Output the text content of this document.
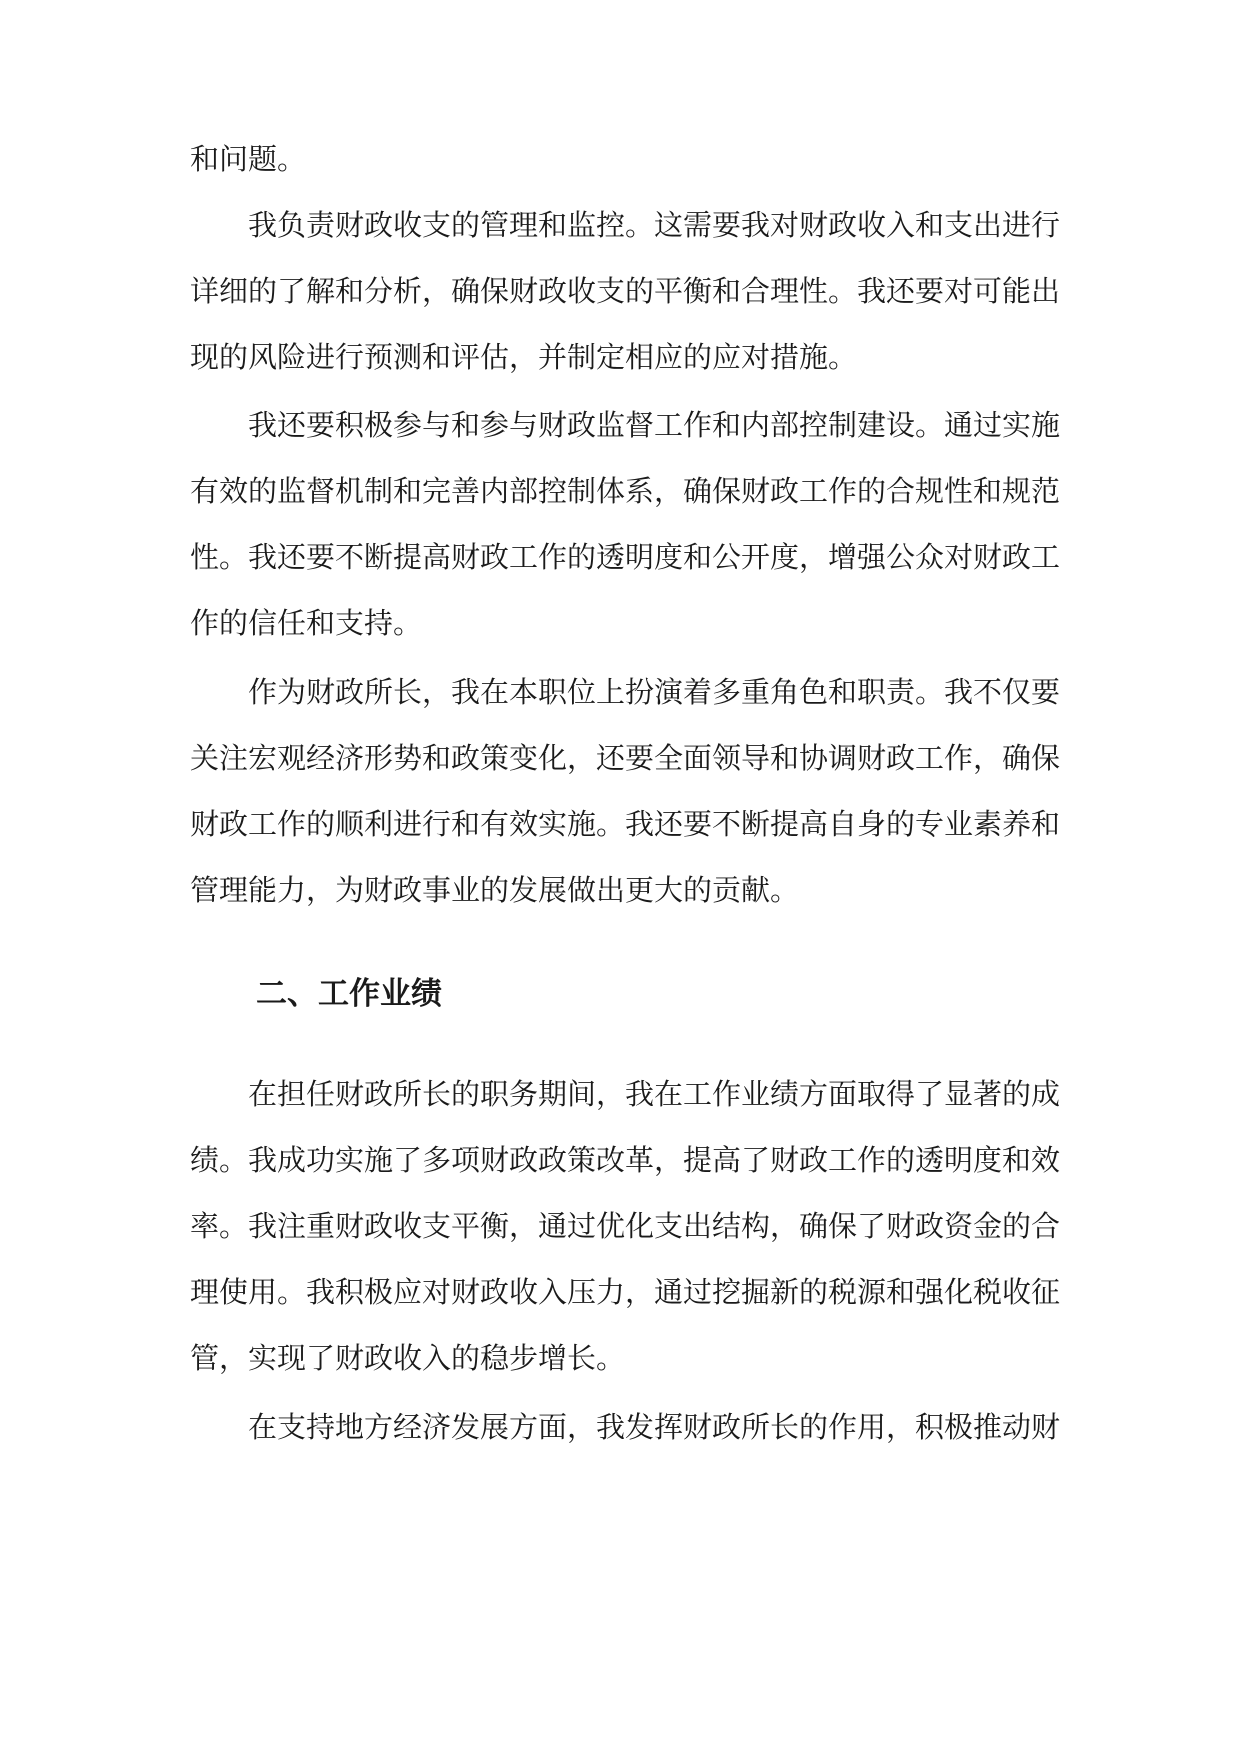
和问题。
我负责财政收支的管理和监控。这需要我对财政收入和支出进行
详细的了解和分析，确保财政收支的平衡和合理性。我还要对可能出
现的风险进行预测和评估，并制定相应的应对措施。
我还要积极参与和参与财政监督工作和内部控制建设。通过实施
有效的监督机制和完善内部控制体系，确保财政工作的合规性和规范
性。我还要不断提高财政工作的透明度和公开度，增强公众对财政工
作的信任和支持。
作为财政所长，我在本职位上扮演着多重角色和职责。我不仅要
关注宏观经济形势和政策变化，还要全面领导和协调财政工作，确保
财政工作的顺利进行和有效实施。我还要不断提高自身的专业素养和
管理能力，为财政事业的发展做出更大的贡献。
二、工作业绩
在担任财政所长的职务期间，我在工作业绩方面取得了显著的成
绩。我成功实施了多项财政政策改革，提高了财政工作的透明度和效
率。我注重财政收支平衡，通过优化支出结构，确保了财政资金的合
理使用。我积极应对财政收入压力，通过挖掘新的税源和强化税收征
管，实现了财政收入的稳步增长。
在支持地方经济发展方面，我发挥财政所长的作用，积极推动财
